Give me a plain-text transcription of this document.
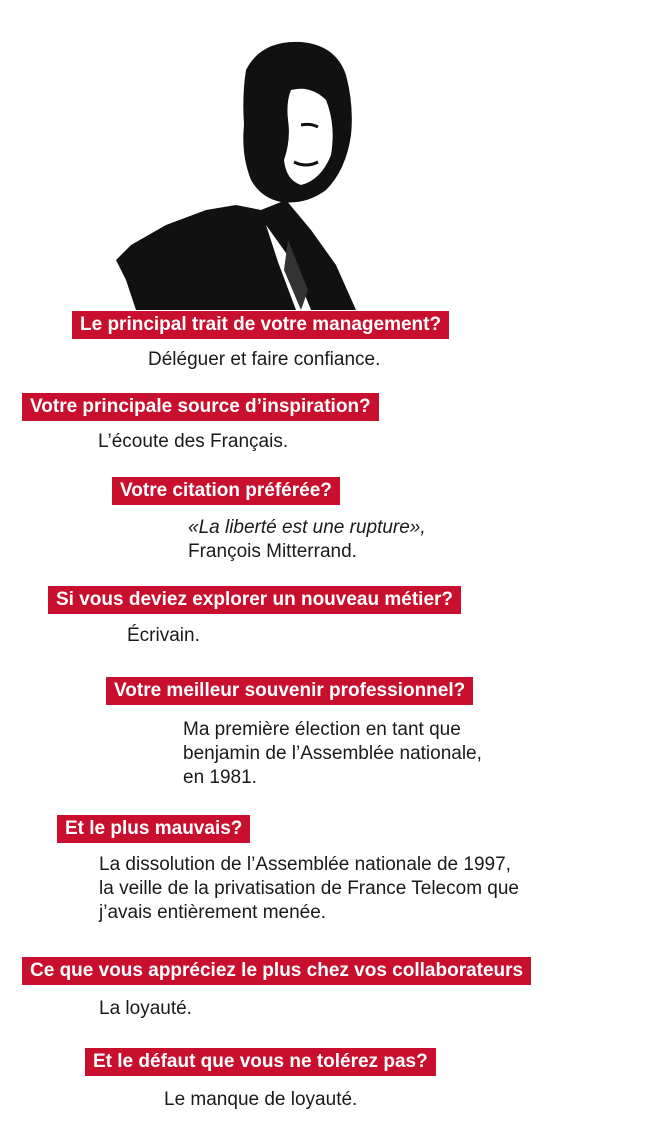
Le principal trait de votre management?
Déléguer et faire confiance.
Votre principale source d’inspiration?
L’écoute des Français.
Votre citation préférée?
«La liberté est une rupture»,
François Mitterrand.
Si vous deviez explorer un nouveau métier?
Écrivain.
Votre meilleur souvenir professionnel?
Ma première élection en tant que
benjamin de l’Assemblée nationale,
en 1981.
Et le plus mauvais?
La dissolution de l’Assemblée nationale de 1997,
la veille de la privatisation de France Telecom que
j’avais entièrement menée.
Ce que vous appréciez le plus chez vos collaborateurs
La loyauté.
Et le défaut que vous ne tolérez pas?
Le manque de loyauté.
